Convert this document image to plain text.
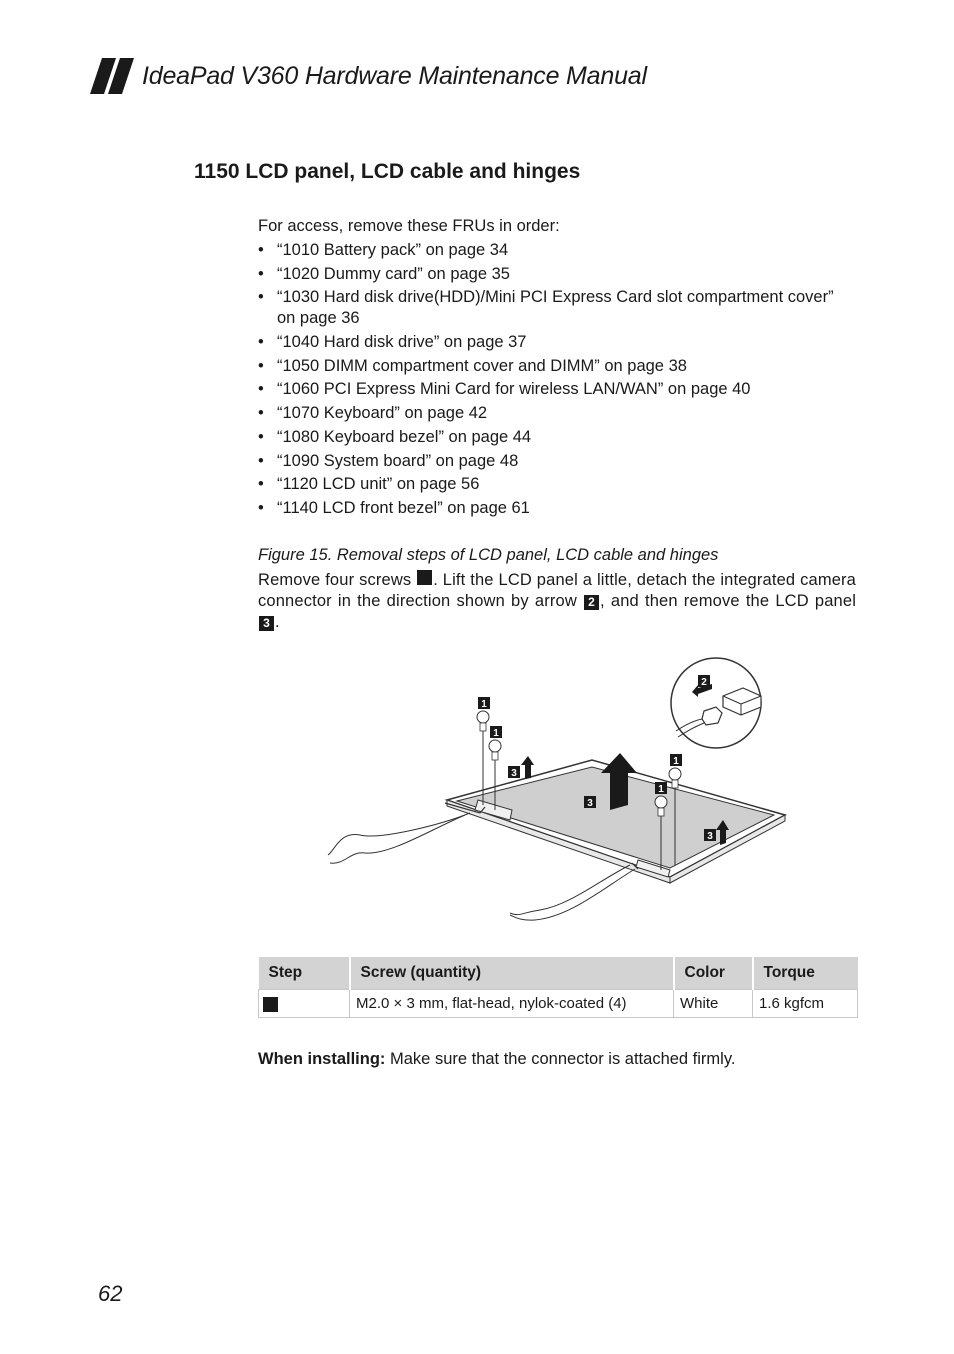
IdeaPad V360 Hardware Maintenance Manual
1150 LCD panel, LCD cable and hinges
For access, remove these FRUs in order:
• “1010 Battery pack” on page 34
• “1020 Dummy card” on page 35
• “1030 Hard disk drive(HDD)/Mini PCI Express Card slot compartment cover” on page 36
• “1040 Hard disk drive” on page 37
• “1050 DIMM compartment cover and DIMM” on page 38
• “1060 PCI Express Mini Card for wireless LAN/WAN” on page 40
• “1070 Keyboard” on page 42
• “1080 Keyboard bezel” on page 44
• “1090 System board” on page 48
• “1120 LCD unit” on page 56
• “1140 LCD front bezel” on page 61
Figure 15. Removal steps of LCD panel, LCD cable and hinges
Remove four screws . Lift the LCD panel a little, detach the integrated camera connector in the direction shown by arrow 2 , and then remove the LCD panel 3 .
1
1
1
1
2
3
3
3
Step	Screw (quantity)	Color	Torque
	M2.0 × 3 mm, flat-head, nylok-coated (4)	White	1.6 kgfcm
When installing: Make sure that the connector is attached firmly.
62
